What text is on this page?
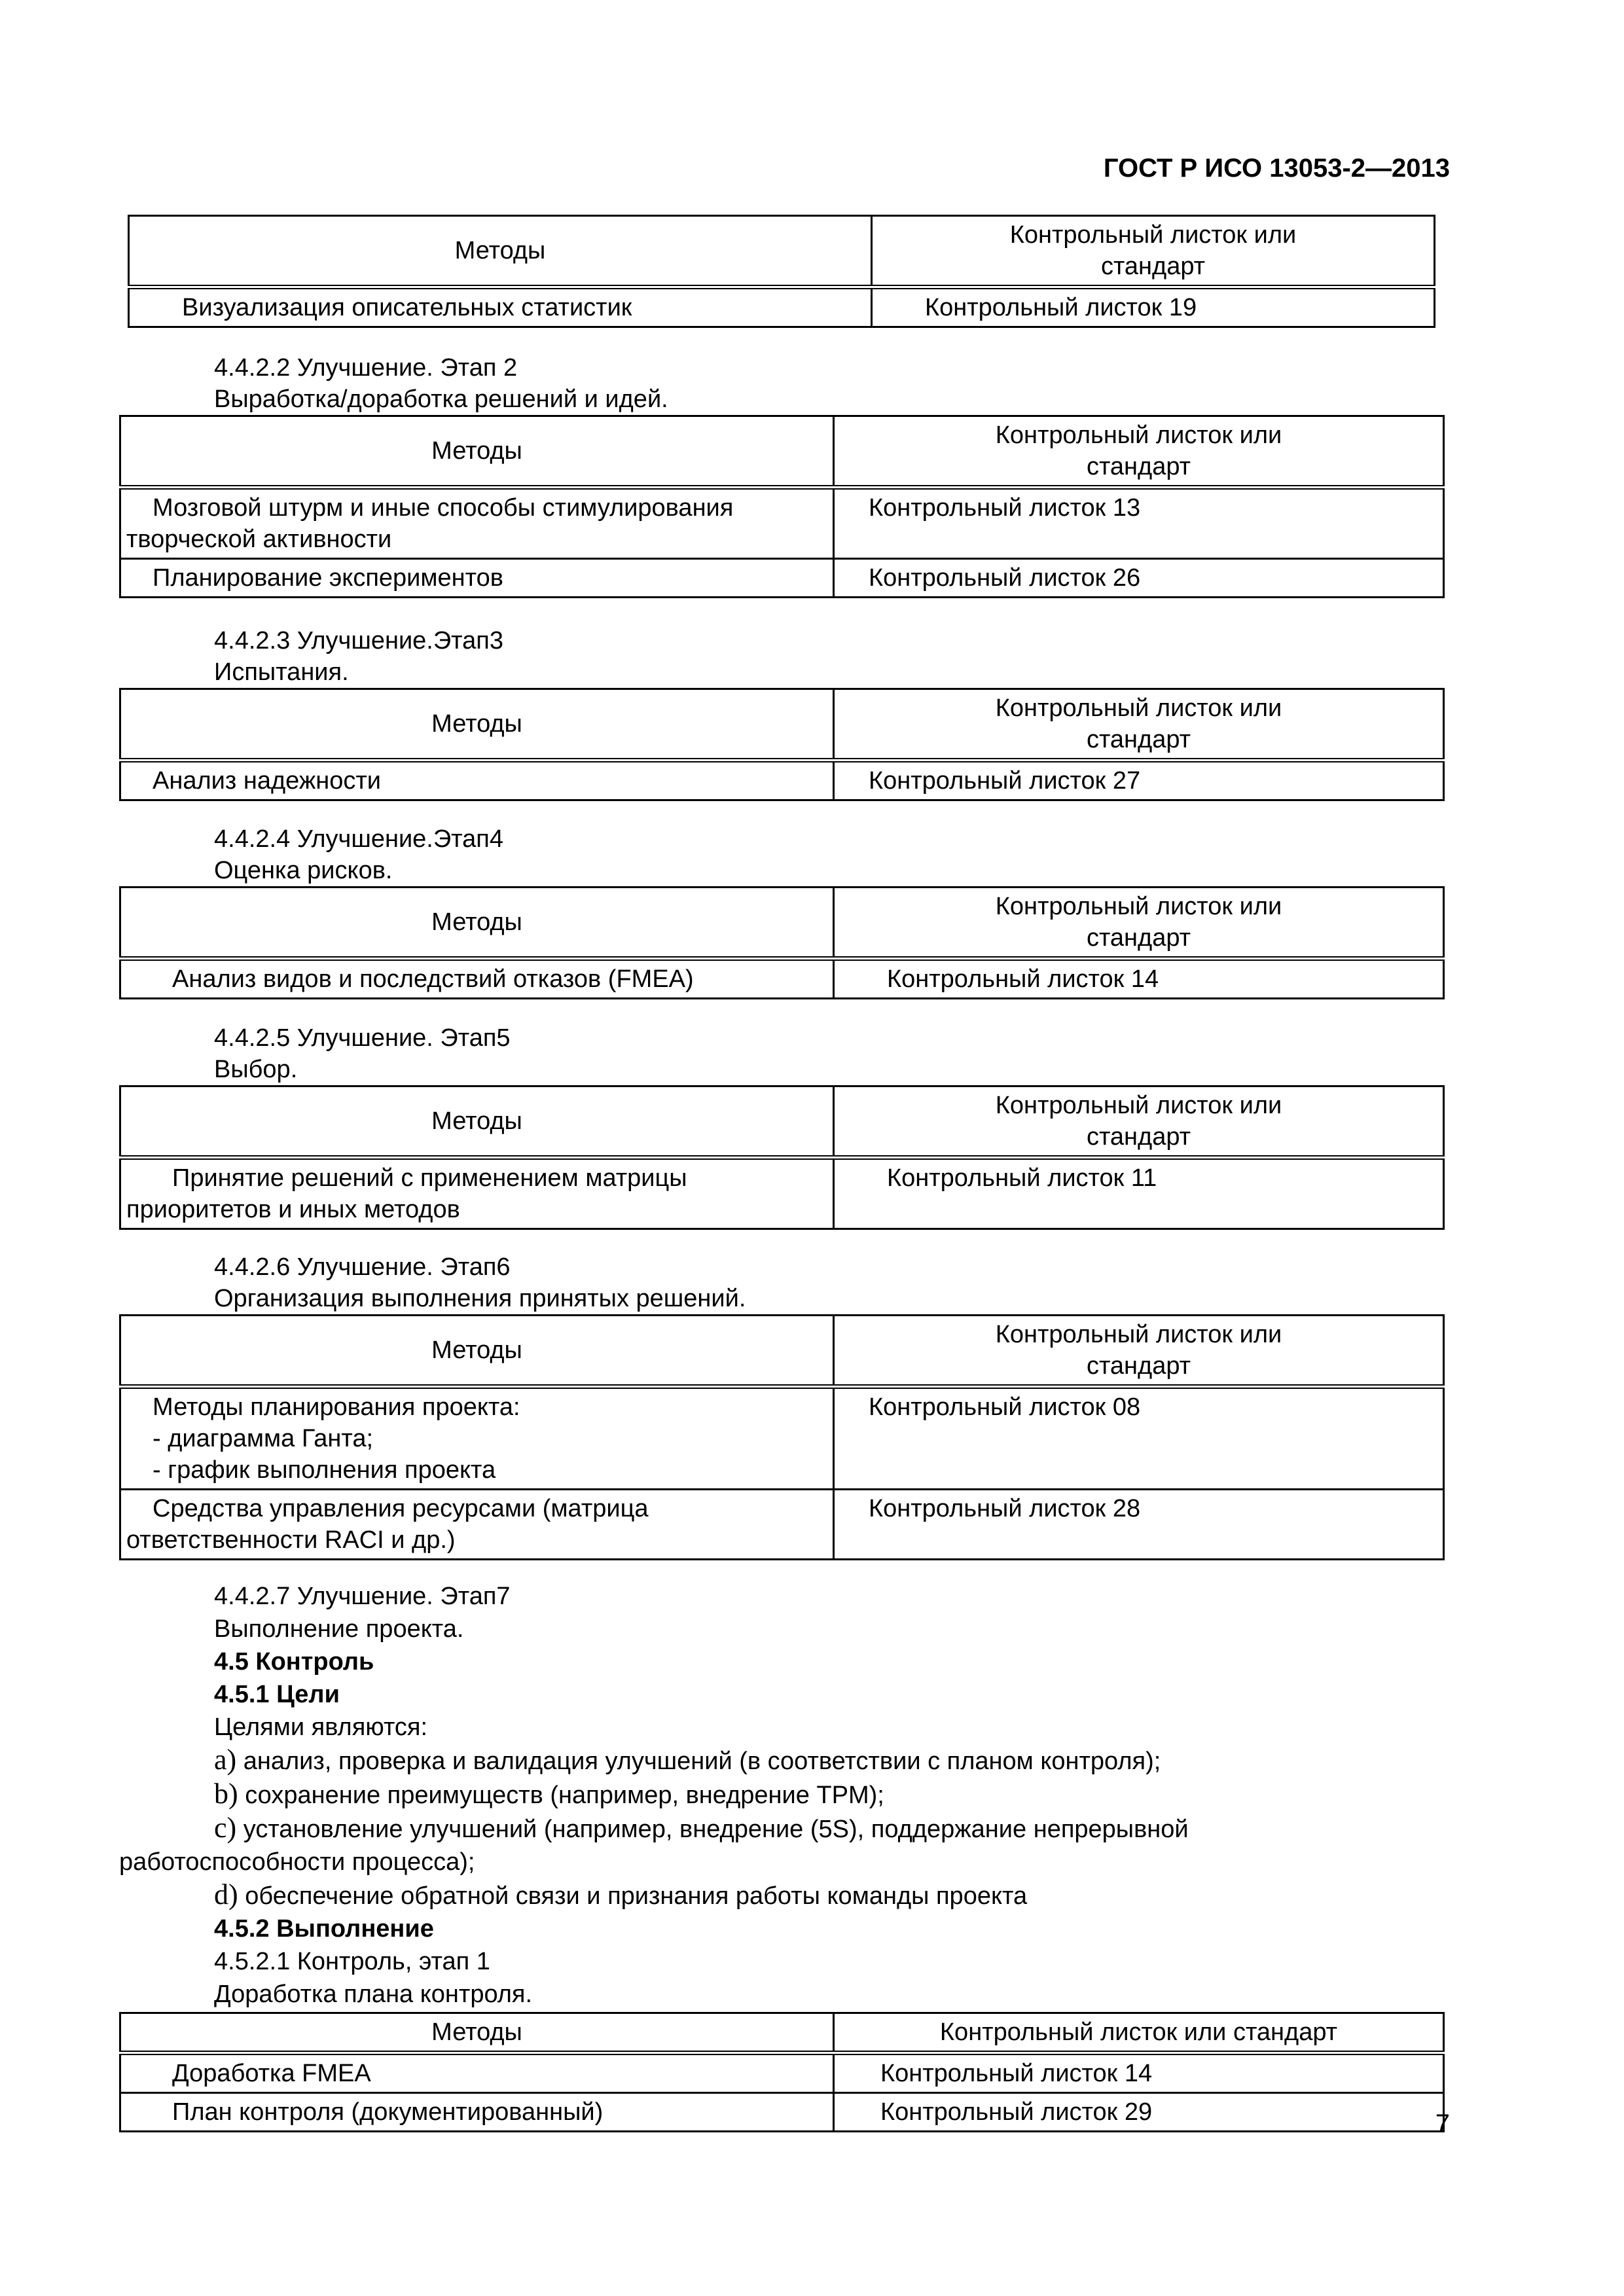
ГОСТ Р ИСО 13053-2—2013
Методы	Контрольный листок или
стандарт
Визуализация описательных статистик	Контрольный листок 19
4.4.2.2 Улучшение. Этап 2
Выработка/доработка решений и идей.
Методы	Контрольный листок или
стандарт
Мозговой штурм и иные способы стимулирования
творческой активности	Контрольный листок 13
Планирование экспериментов	Контрольный листок 26
4.4.2.3 Улучшение.Этап3
Испытания.
Методы	Контрольный листок или
стандарт
Анализ надежности	Контрольный листок 27
4.4.2.4 Улучшение.Этап4
Оценка рисков.
Методы	Контрольный листок или
стандарт
Анализ видов и последствий отказов (FMEA)	Контрольный листок 14
4.4.2.5 Улучшение. Этап5
Выбор.
Методы	Контрольный листок или
стандарт
Принятие решений с применением матрицы
приоритетов и иных методов	Контрольный листок 11
4.4.2.6 Улучшение. Этап6
Организация выполнения принятых решений.
Методы	Контрольный листок или
стандарт
Методы планирования проекта:
- диаграмма Ганта;
- график выполнения проекта	Контрольный листок 08
Средства управления ресурсами (матрица
ответственности RACI и др.)	Контрольный листок 28
4.4.2.7 Улучшение. Этап7
Выполнение проекта.
4.5 Контроль
4.5.1 Цели
Целями являются:
a) анализ, проверка и валидация улучшений (в соответствии с планом контроля);
b) сохранение преимуществ (например, внедрение TPM);
c) установление улучшений (например, внедрение (5S), поддержание непрерывной
работоспособности процесса);
d) обеспечение обратной связи и признания работы команды проекта
4.5.2 Выполнение
4.5.2.1 Контроль, этап 1
Доработка плана контроля.
Методы	Контрольный листок или стандарт
Доработка FMEA	Контрольный листок 14
План контроля (документированный)	Контрольный листок 29	7
